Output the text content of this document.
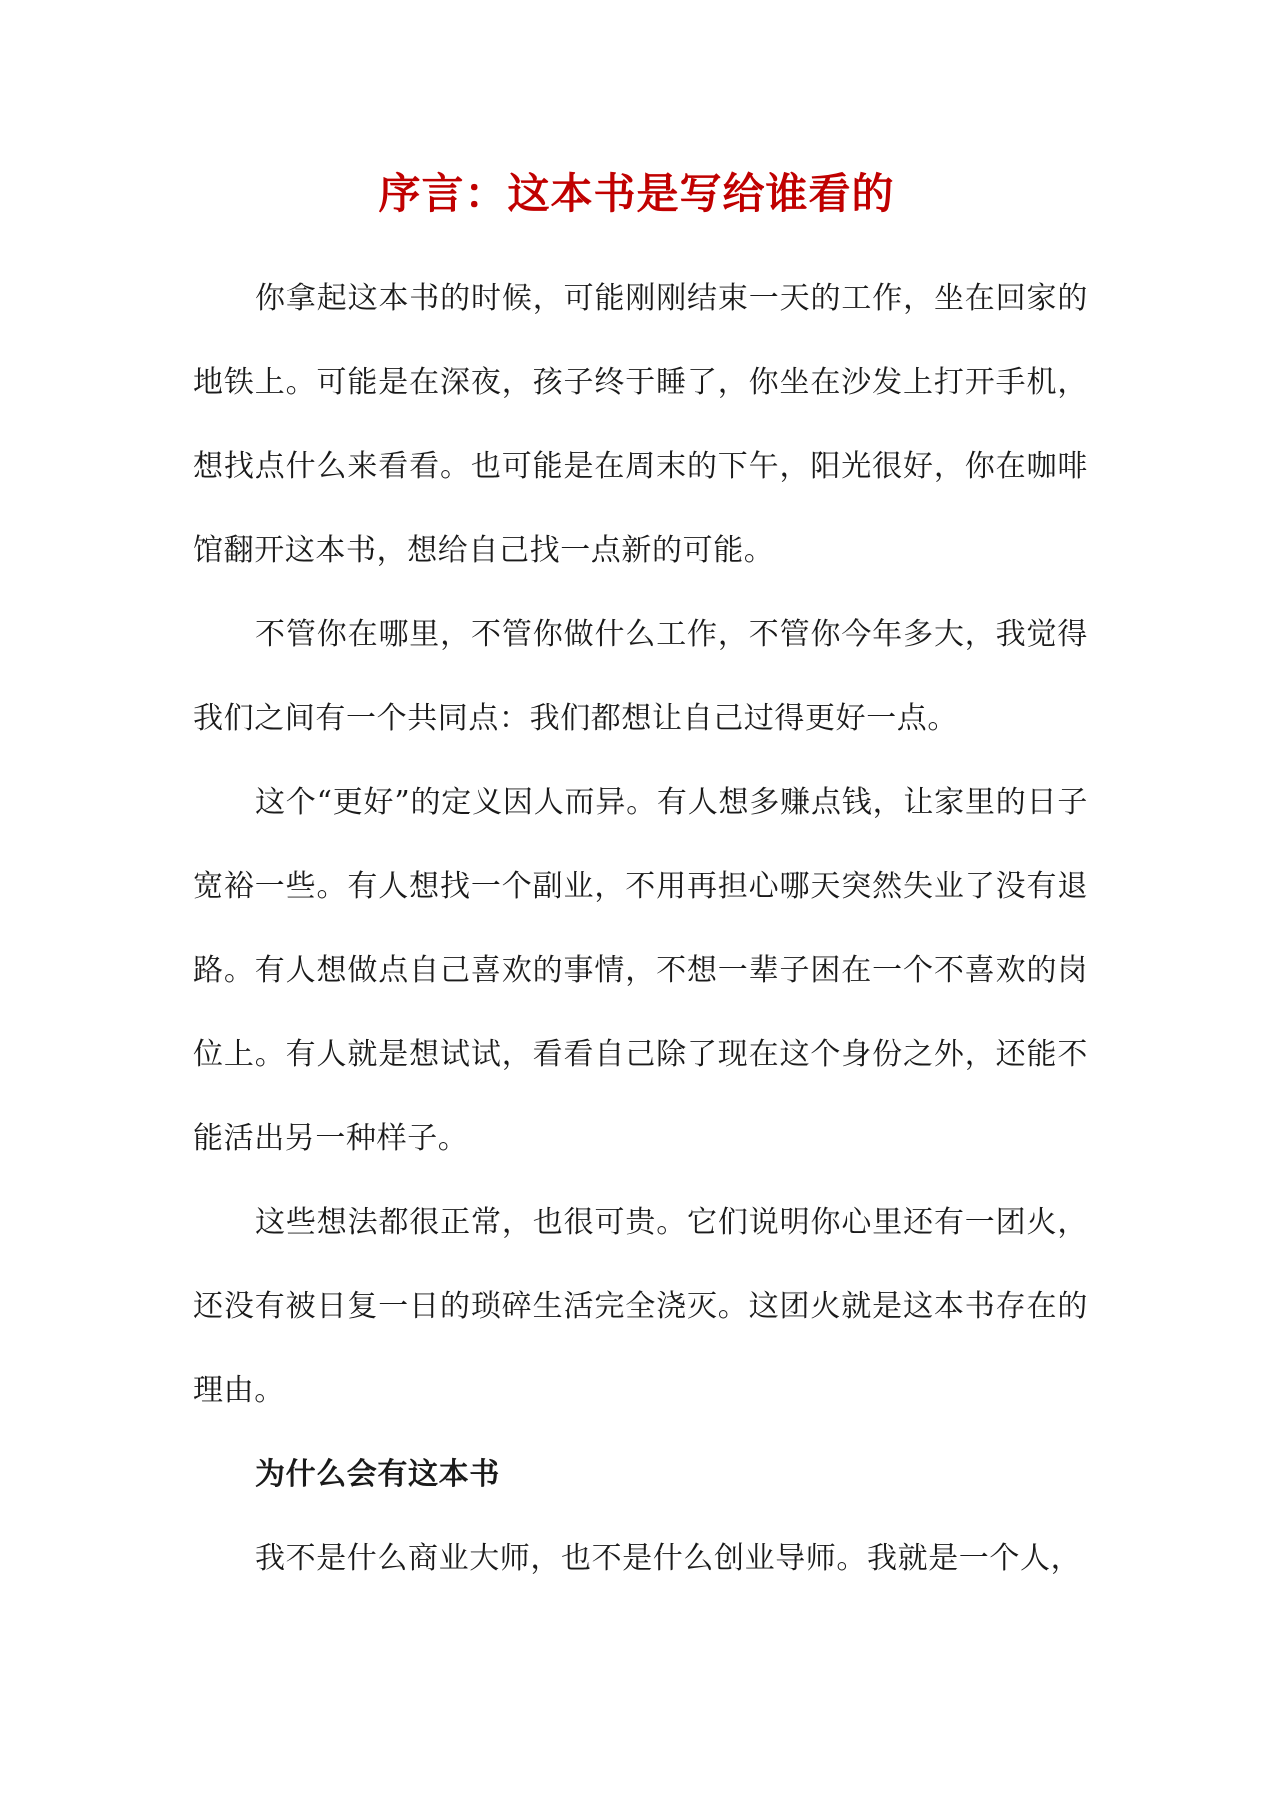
序言：这本书是写给谁看的

你拿起这本书的时候，可能刚刚结束一天的工作，坐在回家的地铁上。可能是在深夜，孩子终于睡了，你坐在沙发上打开手机，想找点什么来看看。也可能是在周末的下午，阳光很好，你在咖啡馆翻开这本书，想给自己找一点新的可能。

不管你在哪里，不管你做什么工作，不管你今年多大，我觉得我们之间有一个共同点：我们都想让自己过得更好一点。

这个“更好”的定义因人而异。有人想多赚点钱，让家里的日子宽裕一些。有人想找一个副业，不用再担心哪天突然失业了没有退路。有人想做点自己喜欢的事情，不想一辈子困在一个不喜欢的岗位上。有人就是想试试，看看自己除了现在这个身份之外，还能不能活出另一种样子。

这些想法都很正常，也很可贵。它们说明你心里还有一团火，还没有被日复一日的琐碎生活完全浇灭。这团火就是这本书存在的理由。

为什么会有这本书

我不是什么商业大师，也不是什么创业导师。我就是一个人，
